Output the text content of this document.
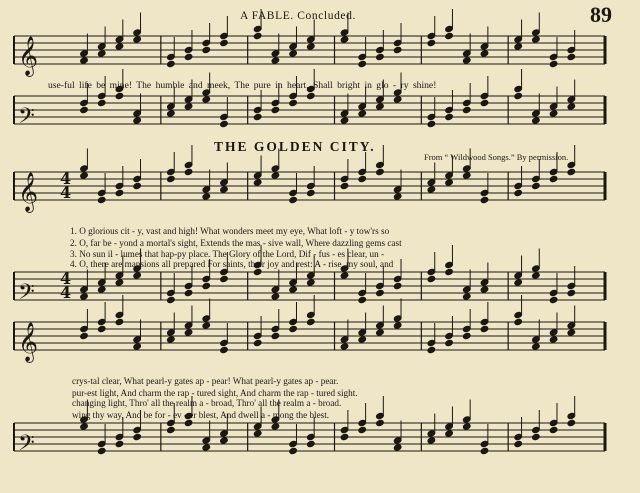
𝄞
𝄢
𝄞
𝄢
𝄞
𝄢
4
4
4
4
A FABLE. Concluded.	89
use-ful life be mine! The humble and meek, The pure in heart, Shall bright in glo - ry shine!
THE GOLDEN CITY.
From “ Wildwood Songs.” By permission.
1. O glorious cit - y, vast and high! What wonders meet my eye, What loft - y tow'rs so
2. O, far be - yond a mortal's sight, Extends the mas - sive wall, Where dazzling gems cast
3. No sun il - lumes that hap-py place. The Glory of the Lord, Dif - fus - es clear, un -
4. O, there are mansions all prepared For saints, their joy and rest: A - rise, my soul, and
crys-tal clear, What pearl-y gates ap - pear! What pearl-y gates ap - pear.
pur-est light, And charm the rap - tured sight, And charm the rap - tured sight.
changing light, Thro' all the realm a - broad, Thro' all the realm a - broad.
wing thy way, And be for - ev - er blest, And dwell a - mong the blest.
